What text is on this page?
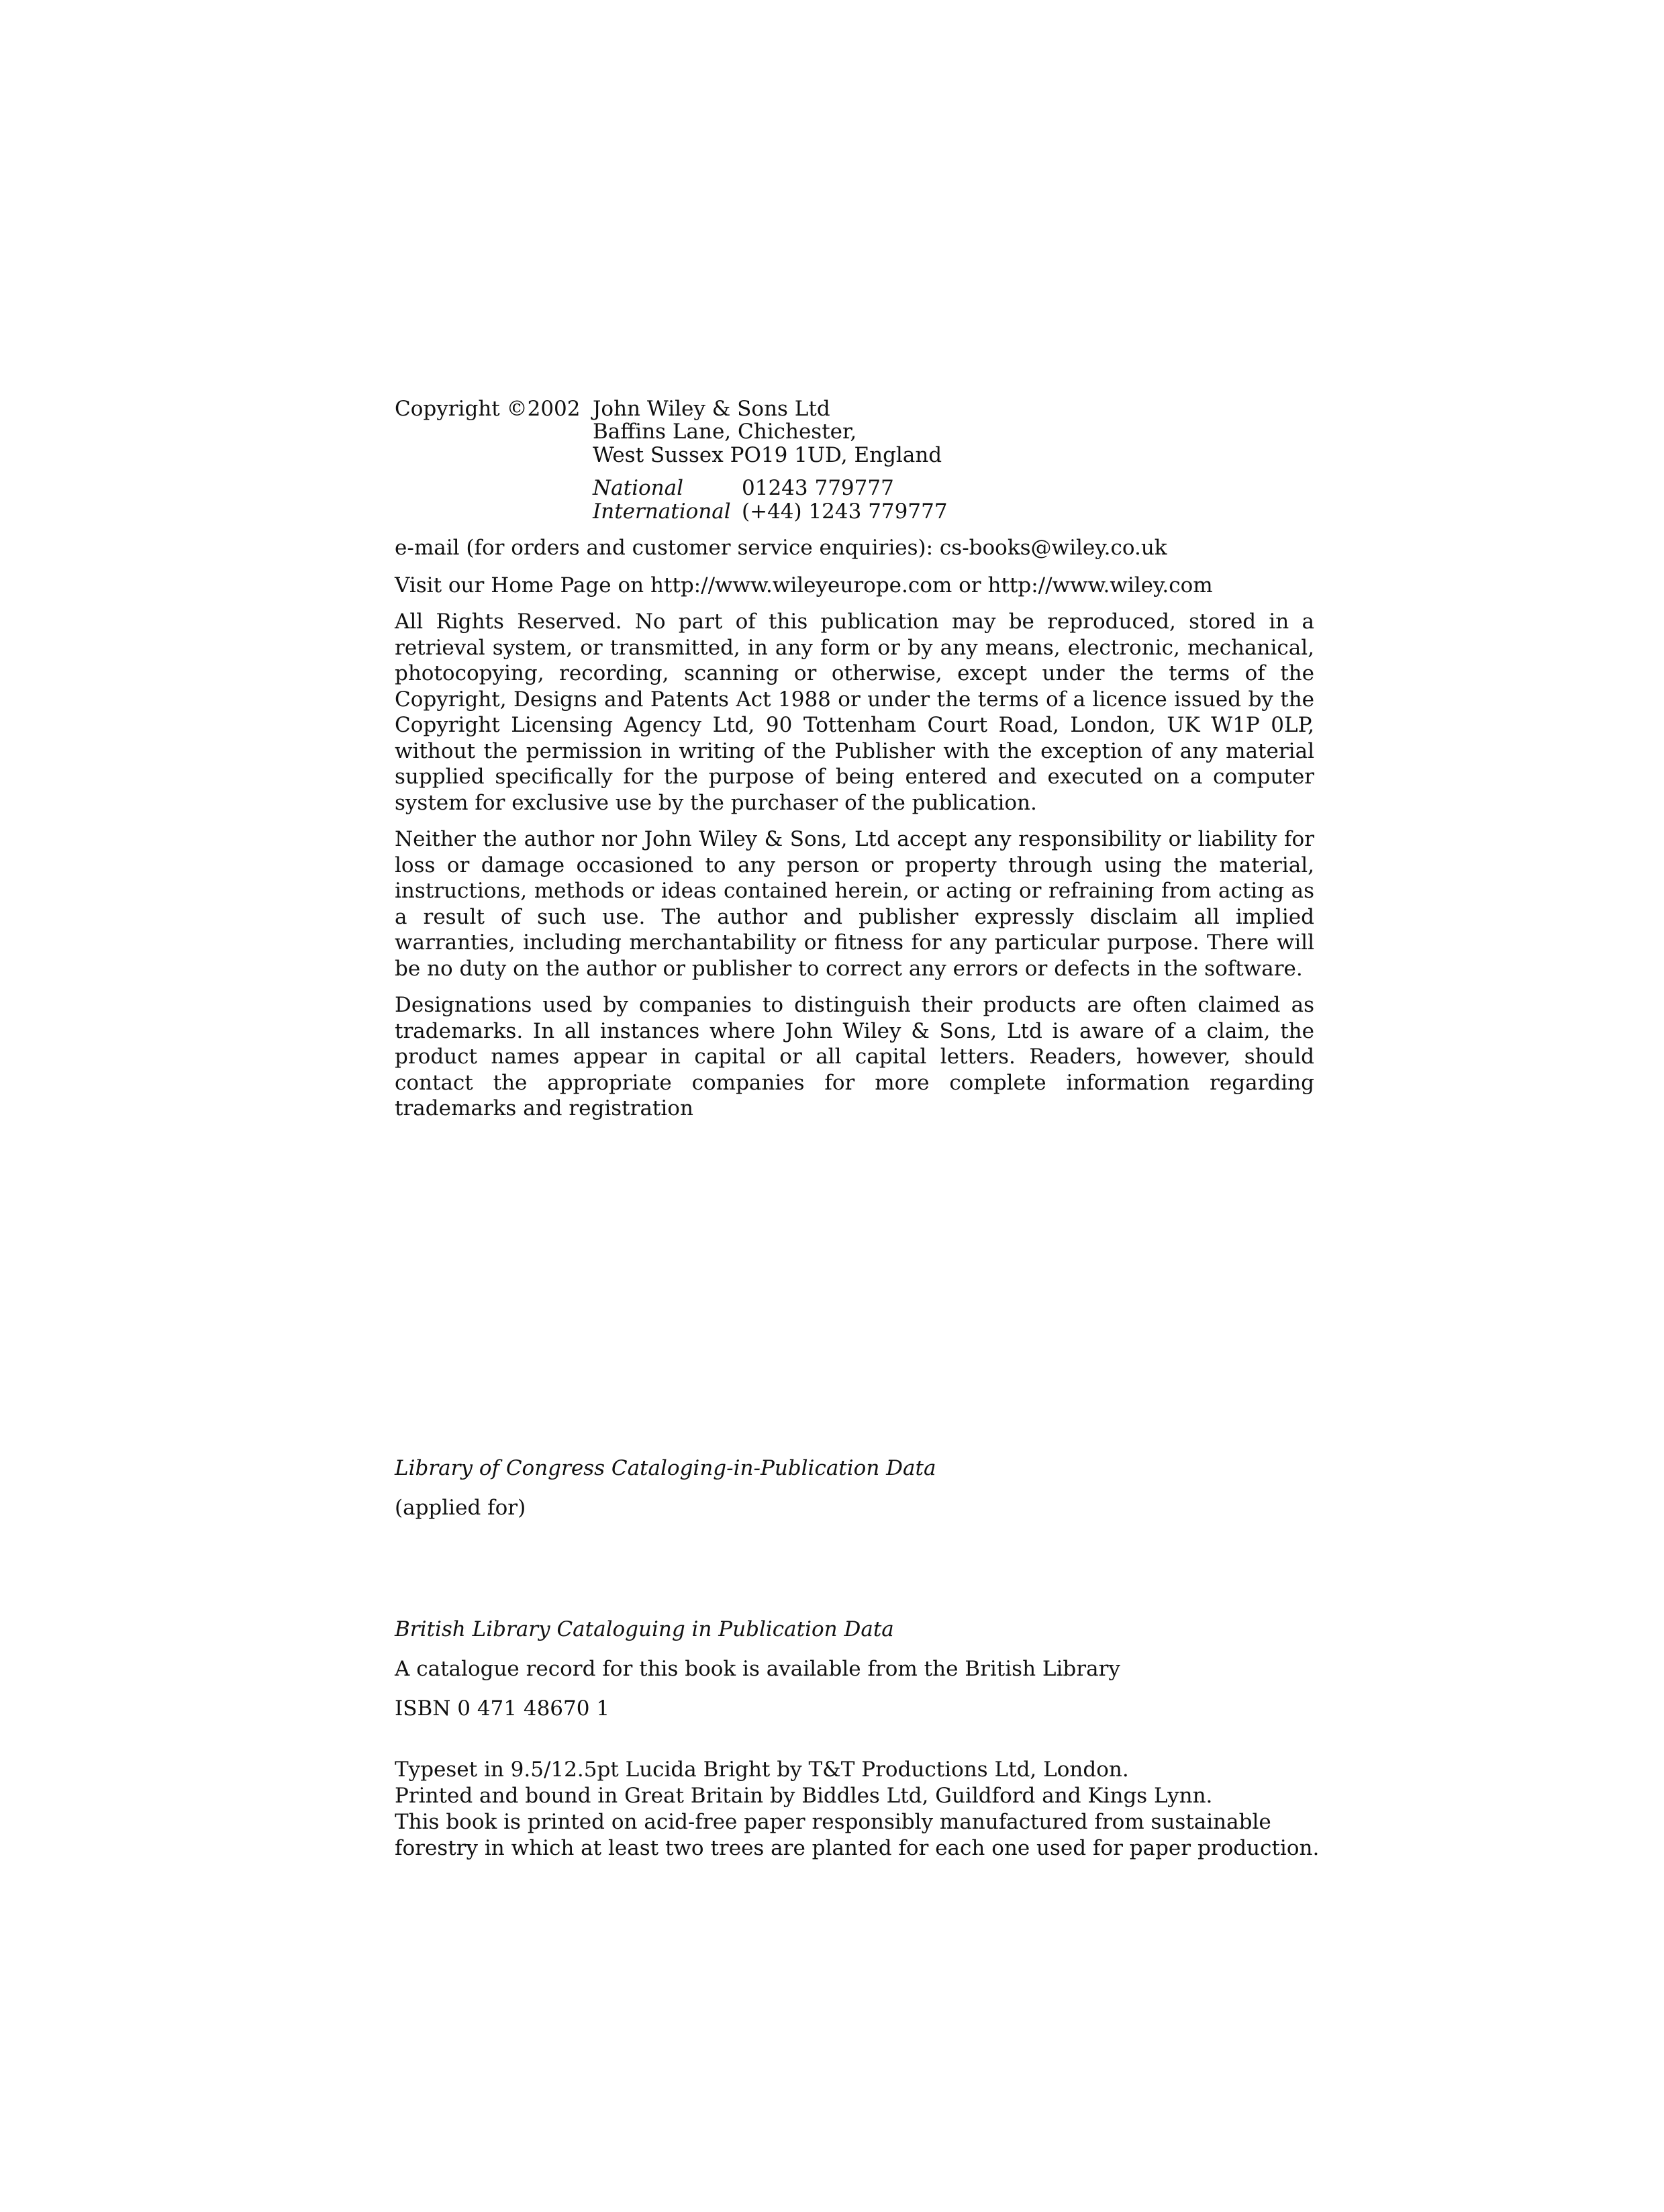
Copyright ©2002 John Wiley & Sons Ltd
Baffins Lane, Chichester,
West Sussex PO19 1UD, England
National	01243 779777
International (+44) 1243 779777
e-mail (for orders and customer service enquiries): cs-books@wiley.co.uk
Visit our Home Page on http://www.wileyeurope.com or http://www.wiley.com
All Rights Reserved. No part of this publication may be reproduced, stored in a retrieval system, or transmitted, in any form or by any means, electronic, mechanical, photocopying, recording, scanning or otherwise, except under the terms of the Copyright, Designs and Patents Act 1988 or under the terms of a licence issued by the Copyright Licensing Agency Ltd, 90 Tottenham Court Road, London, UK W1P 0LP, without the permission in writing of the Publisher with the exception of any material supplied specifically for the purpose of being entered and executed on a computer system for exclusive use by the purchaser of the publication.
Neither the author nor John Wiley & Sons, Ltd accept any responsibility or liability for loss or damage occasioned to any person or property through using the material, instructions, methods or ideas contained herein, or acting or refraining from acting as a result of such use. The author and publisher expressly disclaim all implied warranties, including merchantability or fitness for any particular purpose. There will be no duty on the author or publisher to correct any errors or defects in the software.
Designations used by companies to distinguish their products are often claimed as trademarks. In all instances where John Wiley & Sons, Ltd is aware of a claim, the product names appear in capital or all capital letters. Readers, however, should contact the appropriate companies for more complete information regarding trademarks and registration
Library of Congress Cataloging-in-Publication Data
(applied for)
British Library Cataloguing in Publication Data
A catalogue record for this book is available from the British Library
ISBN 0 471 48670 1
Typeset in 9.5/12.5pt Lucida Bright by T&T Productions Ltd, London.
Printed and bound in Great Britain by Biddles Ltd, Guildford and Kings Lynn.
This book is printed on acid-free paper responsibly manufactured from sustainable
forestry in which at least two trees are planted for each one used for paper production.
